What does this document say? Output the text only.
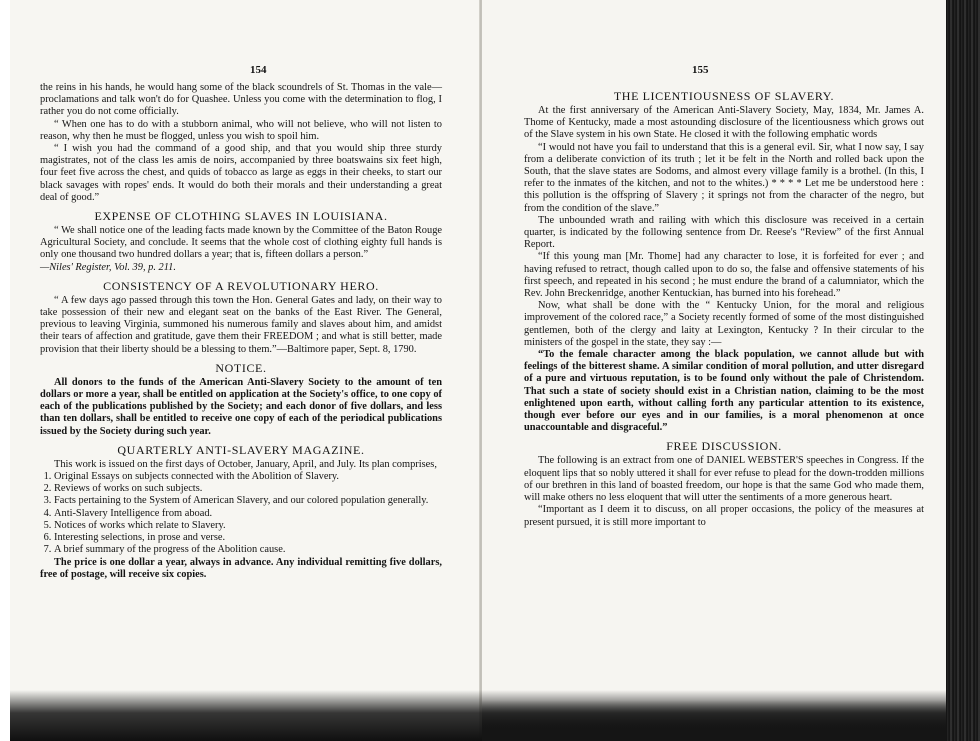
154

the reins in his hands, he would hang some of the black scoundrels of St. Thomas in the vale—proclamations and talk won't do for Quashee. Unless you come with the determination to flog, I rather you do not come officially.

“ When one has to do with a stubborn animal, who will not believe, who will not listen to reason, why then he must be flogged, unless you wish to spoil him.

“ I wish you had the command of a good ship, and that you would ship three sturdy magistrates, not of the class les amis de noirs, accompanied by three boatswains six feet high, four feet five across the chest, and quids of tobacco as large as eggs in their cheeks, to start our black savages with ropes' ends. It would do both their morals and their understanding a great deal of good.”

EXPENSE OF CLOTHING SLAVES IN LOUISIANA.

“ We shall notice one of the leading facts made known by the Committee of the Baton Rouge Agricultural Society, and conclude. It seems that the whole cost of clothing eighty full hands is only one thousand two hundred dollars a year; that is, fifteen dollars a person.”

—Niles' Register, Vol. 39, p. 211.

CONSISTENCY OF A REVOLUTIONARY HERO.

“ A few days ago passed through this town the Hon. General Gates and lady, on their way to take possession of their new and elegant seat on the banks of the East River. The General, previous to leaving Virginia, summoned his numerous family and slaves about him, and amidst their tears of affection and gratitude, gave them their FREEDOM ; and what is still better, made provision that their liberty should be a blessing to them.”—Baltimore paper, Sept. 8, 1790.

NOTICE.

All donors to the funds of the American Anti-Slavery Society to the amount of ten dollars or more a year, shall be entitled on application at the Society's office, to one copy of each of the publications published by the Society; and each donor of five dollars, and less than ten dollars, shall be entitled to receive one copy of each of the periodical publications issued by the Society during such year.

QUARTERLY ANTI-SLAVERY MAGAZINE.

This work is issued on the first days of October, January, April, and July. Its plan comprises,

1. Original Essays on subjects connected with the Abolition of Slavery.
2. Reviews of works on such subjects.
3. Facts pertaining to the System of American Slavery, and our colored population generally.
4. Anti-Slavery Intelligence from aboad.
5. Notices of works which relate to Slavery.
6. Interesting selections, in prose and verse.
7. A brief summary of the progress of the Abolition cause.

The price is one dollar a year, always in advance. Any individual remitting five dollars, free of postage, will receive six copies.

155
THE LICENTIOUSNESS OF SLAVERY.

At the first anniversary of the American Anti-Slavery Society, May, 1834, Mr. James A. Thome of Kentucky, made a most astounding disclosure of the licentiousness which grows out of the Slave system in his own State. He closed it with the following emphatic words

“I would not have you fail to understand that this is a general evil. Sir, what I now say, I say from a deliberate conviction of its truth ; let it be felt in the North and rolled back upon the South, that the slave states are Sodoms, and almost every village family is a brothel. (In this, I refer to the inmates of the kitchen, and not to the whites.) * * * * Let me be understood here : this pollution is the offspring of Slavery ; it springs not from the character of the negro, but from the condition of the slave.”

The unbounded wrath and railing with which this disclosure was received in a certain quarter, is indicated by the following sentence from Dr. Reese's “Review” of the first Annual Report.

“If this young man [Mr. Thome] had any character to lose, it is forfeited for ever ; and having refused to retract, though called upon to do so, the false and offensive statements of his first speech, and repeated in his second ; he must endure the brand of a calumniator, which the Rev. John Breckenridge, another Kentuckian, has burned into his forehead.”

Now, what shall be done with the “ Kentucky Union, for the moral and religious improvement of the colored race,” a Society recently formed of some of the most distinguished gentlemen, both of the clergy and laity at Lexington, Kentucky ? In their circular to the ministers of the gospel in the state, they say :—

“To the female character among the black population, we cannot allude but with feelings of the bitterest shame. A similar condition of moral pollution, and utter disregard of a pure and virtuous reputation, is to be found only without the pale of Christendom. That such a state of society should exist in a Christian nation, claiming to be the most enlightened upon earth, without calling forth any particular attention to its existence, though ever before our eyes and in our families, is a moral phenomenon at once unaccountable and disgraceful.”

FREE DISCUSSION.

The following is an extract from one of DANIEL WEBSTER'S speeches in Congress. If the eloquent lips that so nobly uttered it shall for ever refuse to plead for the down-trodden millions of our brethren in this land of boasted freedom, our hope is that the same God who made them, will make others no less eloquent that will utter the sentiments of a more generous heart.

“Important as I deem it to discuss, on all proper occasions, the policy of the measures at present pursued, it is still more important to
